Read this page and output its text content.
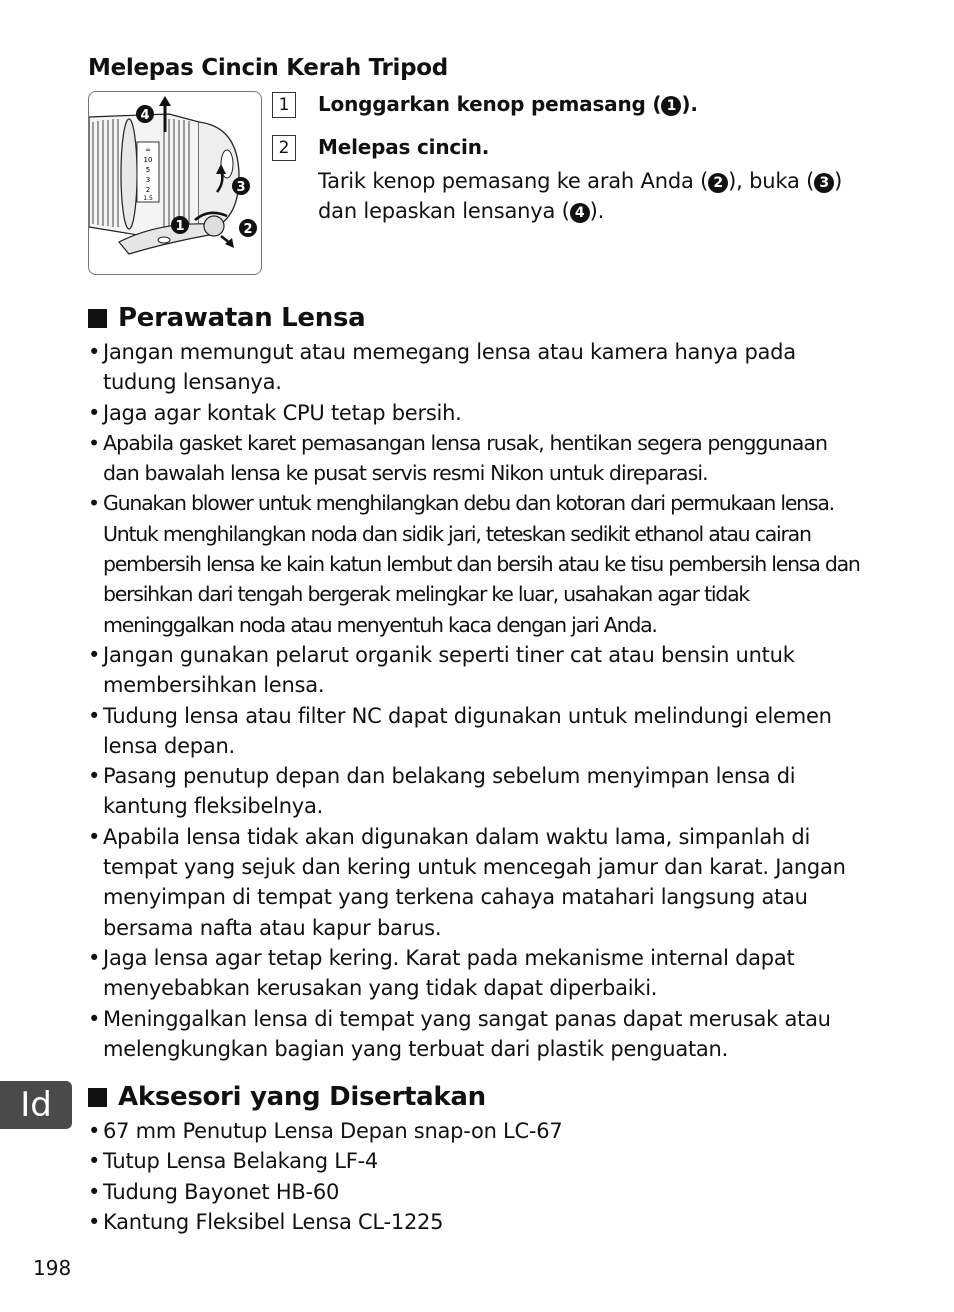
Melepas Cincin Kerah Tripod
∞
10
5
3
2
1.5
4
3
1	2
1	Longgarkan kenop pemasang ( 1 ).
2	Melepas cincin.
Tarik kenop pemasang ke arah Anda ( 2 ), buka ( 3 )
dan lepaskan lensanya ( 4 ).
Perawatan Lensa
• Jangan memungut atau memegang lensa atau kamera hanya pada tudung lensanya.
• Jaga agar kontak CPU tetap bersih.
• Apabila gasket karet pemasangan lensa rusak, hentikan segera penggunaan dan bawalah lensa ke pusat servis resmi Nikon untuk direparasi.
• Gunakan blower untuk menghilangkan debu dan kotoran dari permukaan lensa. Untuk menghilangkan noda dan sidik jari, teteskan sedikit ethanol atau cairan pembersih lensa ke kain katun lembut dan bersih atau ke tisu pembersih lensa dan bersihkan dari tengah bergerak melingkar ke luar, usahakan agar tidak meninggalkan noda atau menyentuh kaca dengan jari Anda.
• Jangan gunakan pelarut organik seperti tiner cat atau bensin untuk membersihkan lensa.
• Tudung lensa atau filter NC dapat digunakan untuk melindungi elemen lensa depan.
• Pasang penutup depan dan belakang sebelum menyimpan lensa di kantung fleksibelnya.
• Apabila lensa tidak akan digunakan dalam waktu lama, simpanlah di tempat yang sejuk dan kering untuk mencegah jamur dan karat. Jangan menyimpan di tempat yang terkena cahaya matahari langsung atau bersama nafta atau kapur barus.
• Jaga lensa agar tetap kering. Karat pada mekanisme internal dapat menyebabkan kerusakan yang tidak dapat diperbaiki.
• Meninggalkan lensa di tempat yang sangat panas dapat merusak atau melengkungkan bagian yang terbuat dari plastik penguatan.
Aksesori yang Disertakan
• 67 mm Penutup Lensa Depan snap-on LC-67
• Tutup Lensa Belakang LF-4
• Tudung Bayonet HB-60
• Kantung Fleksibel Lensa CL-1225
Id
198
